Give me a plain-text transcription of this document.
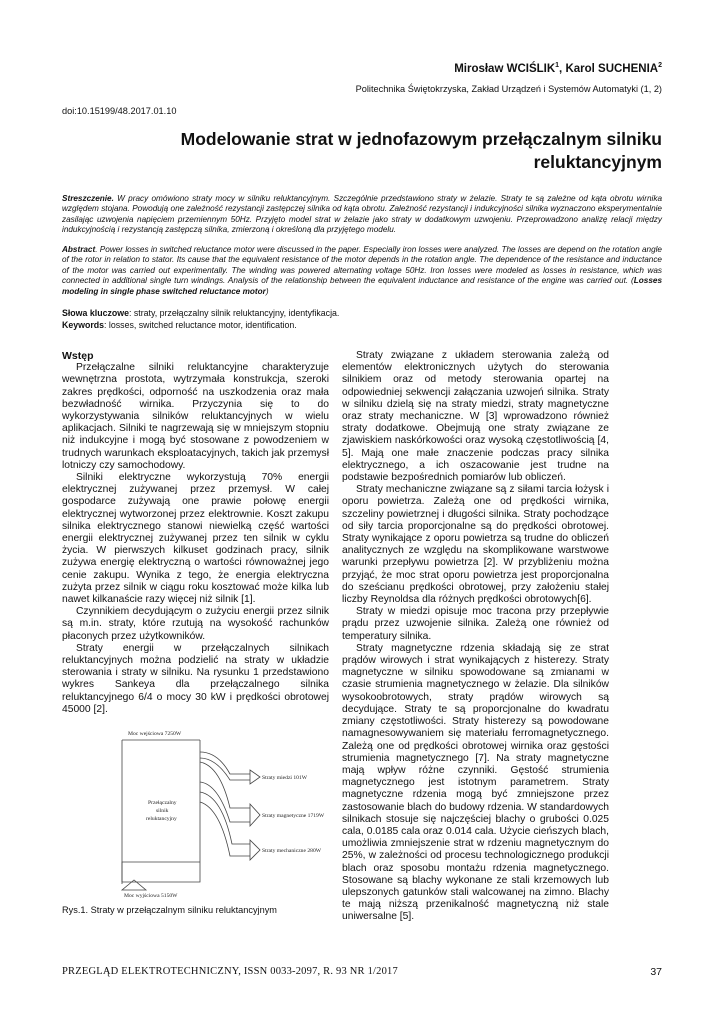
Mirosław WCIŚLIK$^1$, Karol SUCHENIA$^2$
Politechnika Świętokrzyska, Zakład Urządzeń i Systemów Automatyki (1, 2)
doi:10.15199/48.2017.01.10
Modelowanie strat w jednofazowym przełączalnym silniku reluktancyjnym
Streszczenie. W pracy omówiono straty mocy w silniku reluktancyjnym. Szczególnie przedstawiono straty w żelazie. Straty te są zależne od kąta obrotu wirnika względem stojana. Powodują one zależność rezystancji zastępczej silnika od kąta obrotu. Zależność rezystancji i indukcyjności silnika wyznaczono eksperymentalnie zasilając uzwojenia napięciem przemiennym 50Hz. Przyjęto model strat w żelazie jako straty w dodatkowym uzwojeniu. Przeprowadzono analizę relacji między indukcyjnością i rezystancją zastępczą silnika, zmierzoną i określoną dla przyjętego modelu.
Abstract. Power losses in switched reluctance motor were discussed in the paper. Especially iron losses were analyzed. The losses are depend on the rotation angle of the rotor in relation to stator. Its cause that the equivalent resistance of the motor depends in the rotation angle. The dependence of the resistance and inductance of the motor was carried out experimentally. The winding was powered alternating voltage 50Hz. Iron losses were modeled as losses in resistance, which was connected in additional single turn windings. Analysis of the relationship between the equivalent inductance and resistance of the engine was carried out. (Losses modeling in single phase switched reluctance motor)
Słowa kluczowe: straty, przełączalny silnik reluktancyjny, identyfikacja.
Keywords: losses, switched reluctance motor, identification.
Wstęp

Przełączalne silniki reluktancyjne charakteryzuje wewnętrzna prostota, wytrzymała konstrukcja, szeroki zakres prędkości, odporność na uszkodzenia oraz mała bezwładność wirnika. Przyczynia się to do wykorzystywania silników reluktancyjnych w wielu aplikacjach. Silniki te nagrzewają się w mniejszym stopniu niż indukcyjne i mogą być stosowane z powodzeniem w trudnych warunkach eksploatacyjnych, takich jak przemysł lotniczy czy samochodowy.

Silniki elektryczne wykorzystują 70% energii elektrycznej zużywanej przez przemysł. W całej gospodarce zużywają one prawie połowę energii elektrycznej wytworzonej przez elektrownie. Koszt zakupu silnika elektrycznego stanowi niewielką część wartości energii elektrycznej zużywanej przez ten silnik w cyklu życia. W pierwszych kilkuset godzinach pracy, silnik zużywa energię elektryczną o wartości równoważnej jego cenie zakupu. Wynika z tego, że energia elektryczna zużyta przez silnik w ciągu roku kosztować może kilka lub nawet kilkanaście razy więcej niż silnik [1].

Czynnikiem decydującym o zużyciu energii przez silnik są m.in. straty, które rzutują na wysokość rachunków płaconych przez użytkowników.

Straty energii w przełączalnych silnikach reluktancyjnych można podzielić na straty w układzie sterowania i straty w silniku. Na rysunku 1 przedstawiono wykres Sankeya dla przełączalnego silnika reluktancyjnego 6/4 o mocy 30 kW i prędkości obrotowej 45000 [2].

Moc wejściowa 7250W
Przełączalny
silnik
reluktancyjny
Straty miedzi 101W
Straty magnetyczne 1719W
Straty mechaniczne 280W
Moc wyjściowa 5150W
Rys.1. Straty w przełączalnym silniku reluktancyjnym

Straty związane z układem sterowania zależą od elementów elektronicznych użytych do sterowania silnikiem oraz od metody sterowania opartej na odpowiedniej sekwencji załączania uzwojeń silnika. Straty w silniku dzielą się na straty miedzi, straty magnetyczne oraz straty mechaniczne. W [3] wprowadzono również straty dodatkowe. Obejmują one straty związane ze zjawiskiem naskórkowości oraz wysoką częstotliwością [4, 5]. Mają one małe znaczenie podczas pracy silnika elektrycznego, a ich oszacowanie jest trudne na podstawie bezpośrednich pomiarów lub obliczeń.

Straty mechaniczne związane są z siłami tarcia łożysk i oporu powietrza. Zależą one od prędkości wirnika, szczeliny powietrznej i długości silnika. Straty pochodzące od siły tarcia proporcjonalne są do prędkości obrotowej. Straty wynikające z oporu powietrza są trudne do obliczeń analitycznych ze względu na skomplikowane warstwowe warunki przepływu powietrza [2]. W przybliżeniu można przyjąć, że moc strat oporu powietrza jest proporcjonalna do sześcianu prędkości obrotowej, przy założeniu stałej liczby Reynoldsa dla różnych prędkości obrotowych[6].

Straty w miedzi opisuje moc tracona przy przepływie prądu przez uzwojenie silnika. Zależą one również od temperatury silnika.

Straty magnetyczne rdzenia składają się ze strat prądów wirowych i strat wynikających z histerezy. Straty magnetyczne w silniku spowodowane są zmianami w czasie strumienia magnetycznego w żelazie. Dla silników wysokoobrotowych, straty prądów wirowych są decydujące. Straty te są proporcjonalne do kwadratu zmiany częstotliwości. Straty histerezy są powodowane namagnesowywaniem się materiału ferromagnetycznego. Zależą one od prędkości obrotowej wirnika oraz gęstości strumienia magnetycznego [7]. Na straty magnetyczne mają wpływ różne czynniki. Gęstość strumienia magnetycznego jest istotnym parametrem. Straty magnetyczne rdzenia mogą być zmniejszone przez zastosowanie blach do budowy rdzenia. W standardowych silnikach stosuje się najczęściej blachy o grubości 0.025 cala, 0.0185 cala oraz 0.014 cala. Użycie cieńszych blach, umożliwia zmniejszenie strat w rdzeniu magnetycznym do 25%, w zależności od procesu technologicznego produkcji blach oraz sposobu montażu rdzenia magnetycznego. Stosowane są blachy wykonane ze stali krzemowych lub ulepszonych gatunków stali walcowanej na zimno. Blachy te mają niższą przenikalność magnetyczną niż stale uniwersalne [5].

PRZEGLĄD ELEKTROTECHNICZNY, ISSN 0033-2097, R. 93 NR 1/2017	37
